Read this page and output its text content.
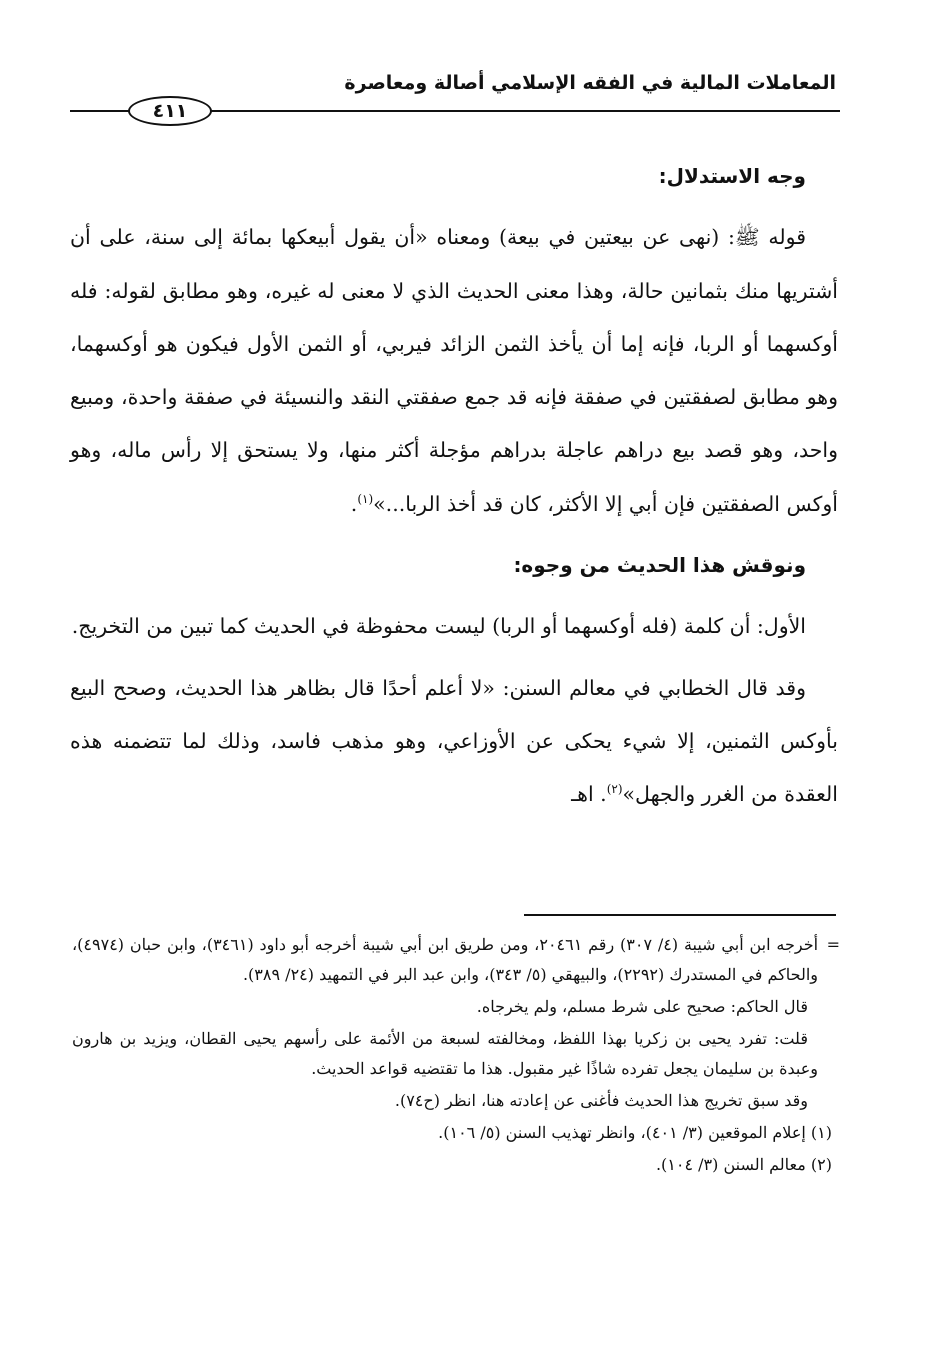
المعاملات المالية في الفقه الإسلامي أصالة ومعاصرة
٤١١

وجه الاستدلال:

قوله ﷺ: (نهى عن بيعتين في بيعة) ومعناه «أن يقول أبيعكها بمائة إلى سنة، على أن أشتريها منك بثمانين حالة، وهذا معنى الحديث الذي لا معنى له غيره، وهو مطابق لقوله: فله أوكسهما أو الربا، فإنه إما أن يأخذ الثمن الزائد فيربي، أو الثمن الأول فيكون هو أوكسهما، وهو مطابق لصفقتين في صفقة فإنه قد جمع صفقتي النقد والنسيئة في صفقة واحدة، ومبيع واحد، وهو قصد بيع دراهم عاجلة بدراهم مؤجلة أكثر منها، ولا يستحق إلا رأس ماله، وهو أوكس الصفقتين فإن أبي إلا الأكثر، كان قد أخذ الربا...»$^{(١)}$.

ونوقش هذا الحديث من وجوه:

الأول: أن كلمة (فله أوكسهما أو الربا) ليست محفوظة في الحديث كما تبين من التخريج.

وقد قال الخطابي في معالم السنن: «لا أعلم أحدًا قال بظاهر هذا الحديث، وصحح البيع بأوكس الثمنين، إلا شيء يحكى عن الأوزاعي، وهو مذهب فاسد، وذلك لما تتضمنه هذه العقدة من الغرر والجهل»$^{(٢)}$. اهـ

=أخرجه ابن أبي شيبة (٤/ ٣٠٧) رقم ٢٠٤٦١، ومن طريق ابن أبي شيبة أخرجه أبو داود (٣٤٦١)، وابن حبان (٤٩٧٤)، والحاكم في المستدرك (٢٢٩٢)، والبيهقي (٥/ ٣٤٣)، وابن عبد البر في التمهيد (٢٤/ ٣٨٩).

قال الحاكم: صحيح على شرط مسلم، ولم يخرجاه.

قلت: تفرد يحيى بن زكريا بهذا اللفظ، ومخالفته لسبعة من الأئمة على رأسهم يحيى القطان، ويزيد بن هارون وعبدة بن سليمان يجعل تفرده شاذًا غير مقبول. هذا ما تقتضيه قواعد الحديث.

وقد سبق تخريج هذا الحديث فأغنى عن إعادته هنا، انظر (ح٧٤).

(١) إعلام الموقعين (٣/ ٤٠١)، وانظر تهذيب السنن (٥/ ١٠٦).

(٢) معالم السنن (٣/ ١٠٤).
